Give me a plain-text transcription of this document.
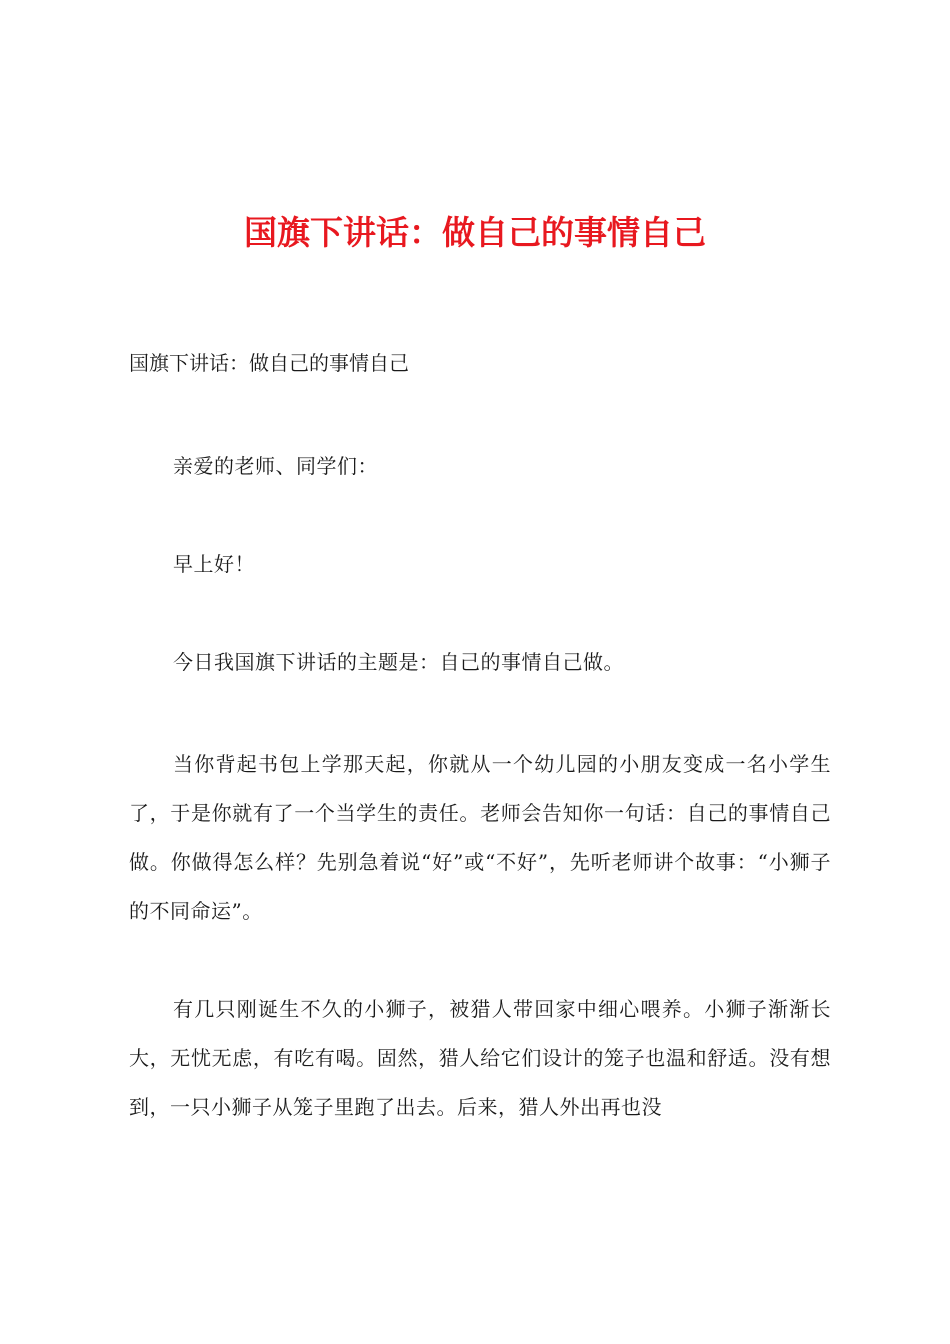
国旗下讲话：做自己的事情自己

国旗下讲话：做自己的事情自己

亲爱的老师、同学们：

早上好！

今日我国旗下讲话的主题是：自己的事情自己做。

当你背起书包上学那天起，你就从一个幼儿园的小朋友变成一名小学生了，于是你就有了一个当学生的责任。老师会告知你一句话：自己的事情自己做。你做得怎么样？先别急着说“好”或“不好”，先听老师讲个故事：“小狮子的不同命运”。

有几只刚诞生不久的小狮子，被猎人带回家中细心喂养。小狮子渐渐长大，无忧无虑，有吃有喝。固然，猎人给它们设计的笼子也温和舒适。没有想到，一只小狮子从笼子里跑了出去。后来，猎人外出再也没
